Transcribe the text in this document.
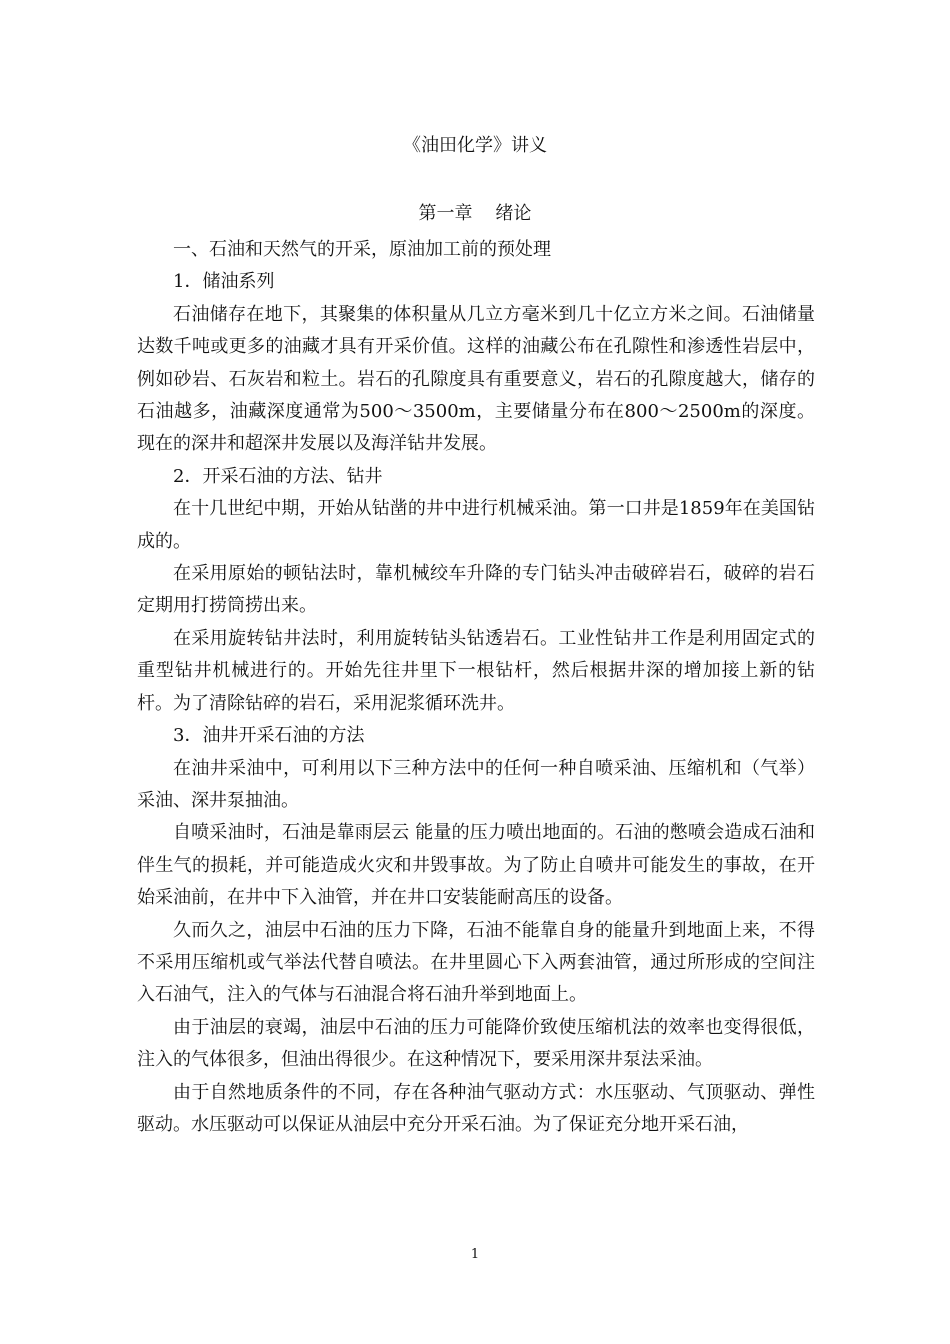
《油田化学》讲义
第一章    绪论

一、石油和天然气的开采，原油加工前的预处理

1．储油系列

石油储存在地下，其聚集的体积量从几立方毫米到几十亿立方米之间。石油储量达数千吨或更多的油藏才具有开采价值。这样的油藏公布在孔隙性和渗透性岩层中，例如砂岩、石灰岩和粒土。岩石的孔隙度具有重要意义，岩石的孔隙度越大，储存的石油越多，油藏深度通常为500～3500m，主要储量分布在800～2500m的深度。现在的深井和超深井发展以及海洋钻井发展。

2．开采石油的方法、钻井

在十几世纪中期，开始从钻凿的井中进行机械采油。第一口井是1859年在美国钻成的。

在采用原始的顿钻法时，靠机械绞车升降的专门钻头冲击破碎岩石，破碎的岩石定期用打捞筒捞出来。

在采用旋转钻井法时，利用旋转钻头钻透岩石。工业性钻井工作是利用固定式的重型钻井机械进行的。开始先往井里下一根钻杆，然后根据井深的增加接上新的钻杆。为了清除钻碎的岩石，采用泥浆循环洗井。

3．油井开采石油的方法

在油井采油中，可利用以下三种方法中的任何一种自喷采油、压缩机和（气举）采油、深井泵抽油。

自喷采油时，石油是靠雨层云 能量的压力喷出地面的。石油的憋喷会造成石油和伴生气的损耗，并可能造成火灾和井毁事故。为了防止自喷井可能发生的事故，在开始采油前，在井中下入油管，并在井口安装能耐高压的设备。

久而久之，油层中石油的压力下降，石油不能靠自身的能量升到地面上来，不得不采用压缩机或气举法代替自喷法。在井里圆心下入两套油管，通过所形成的空间注入石油气，注入的气体与石油混合将石油升举到地面上。

由于油层的衰竭，油层中石油的压力可能降价致使压缩机法的效率也变得很低，注入的气体很多，但油出得很少。在这种情况下，要采用深井泵法采油。

由于自然地质条件的不同，存在各种油气驱动方式：水压驱动、气顶驱动、弹性驱动。水压驱动可以保证从油层中充分开采石油。为了保证充分地开采石油，

1
